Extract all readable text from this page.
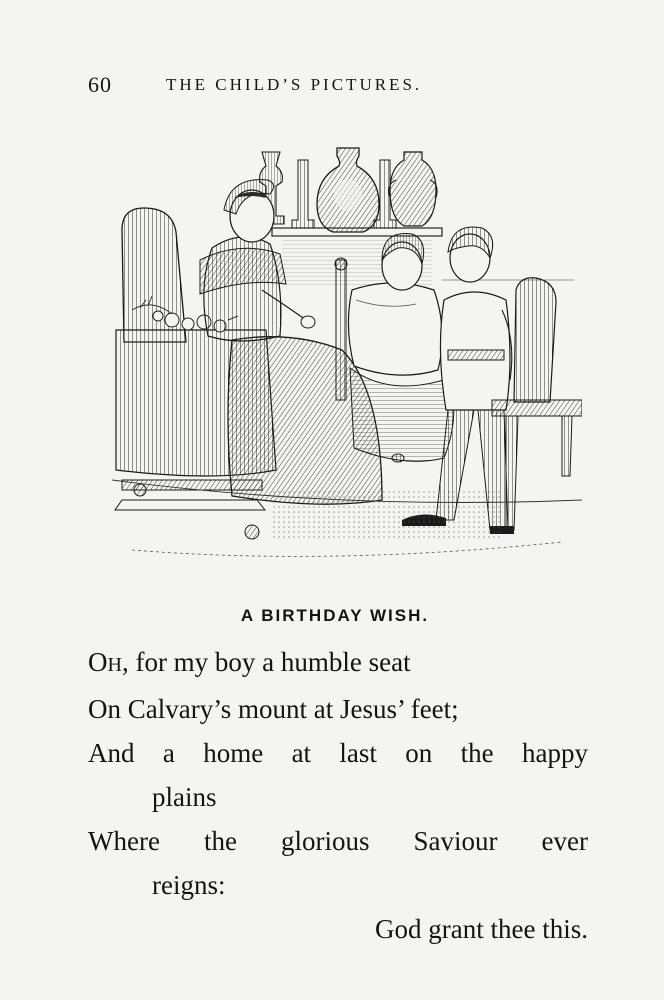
60	THE CHILD’S PICTURES.
A BIRTHDAY WISH.
OH, for my boy a humble seat
On Calvary’s mount at Jesus’ feet;
And a home at last on the happy
plains
Where the glorious Saviour ever
reigns:
God grant thee this.
